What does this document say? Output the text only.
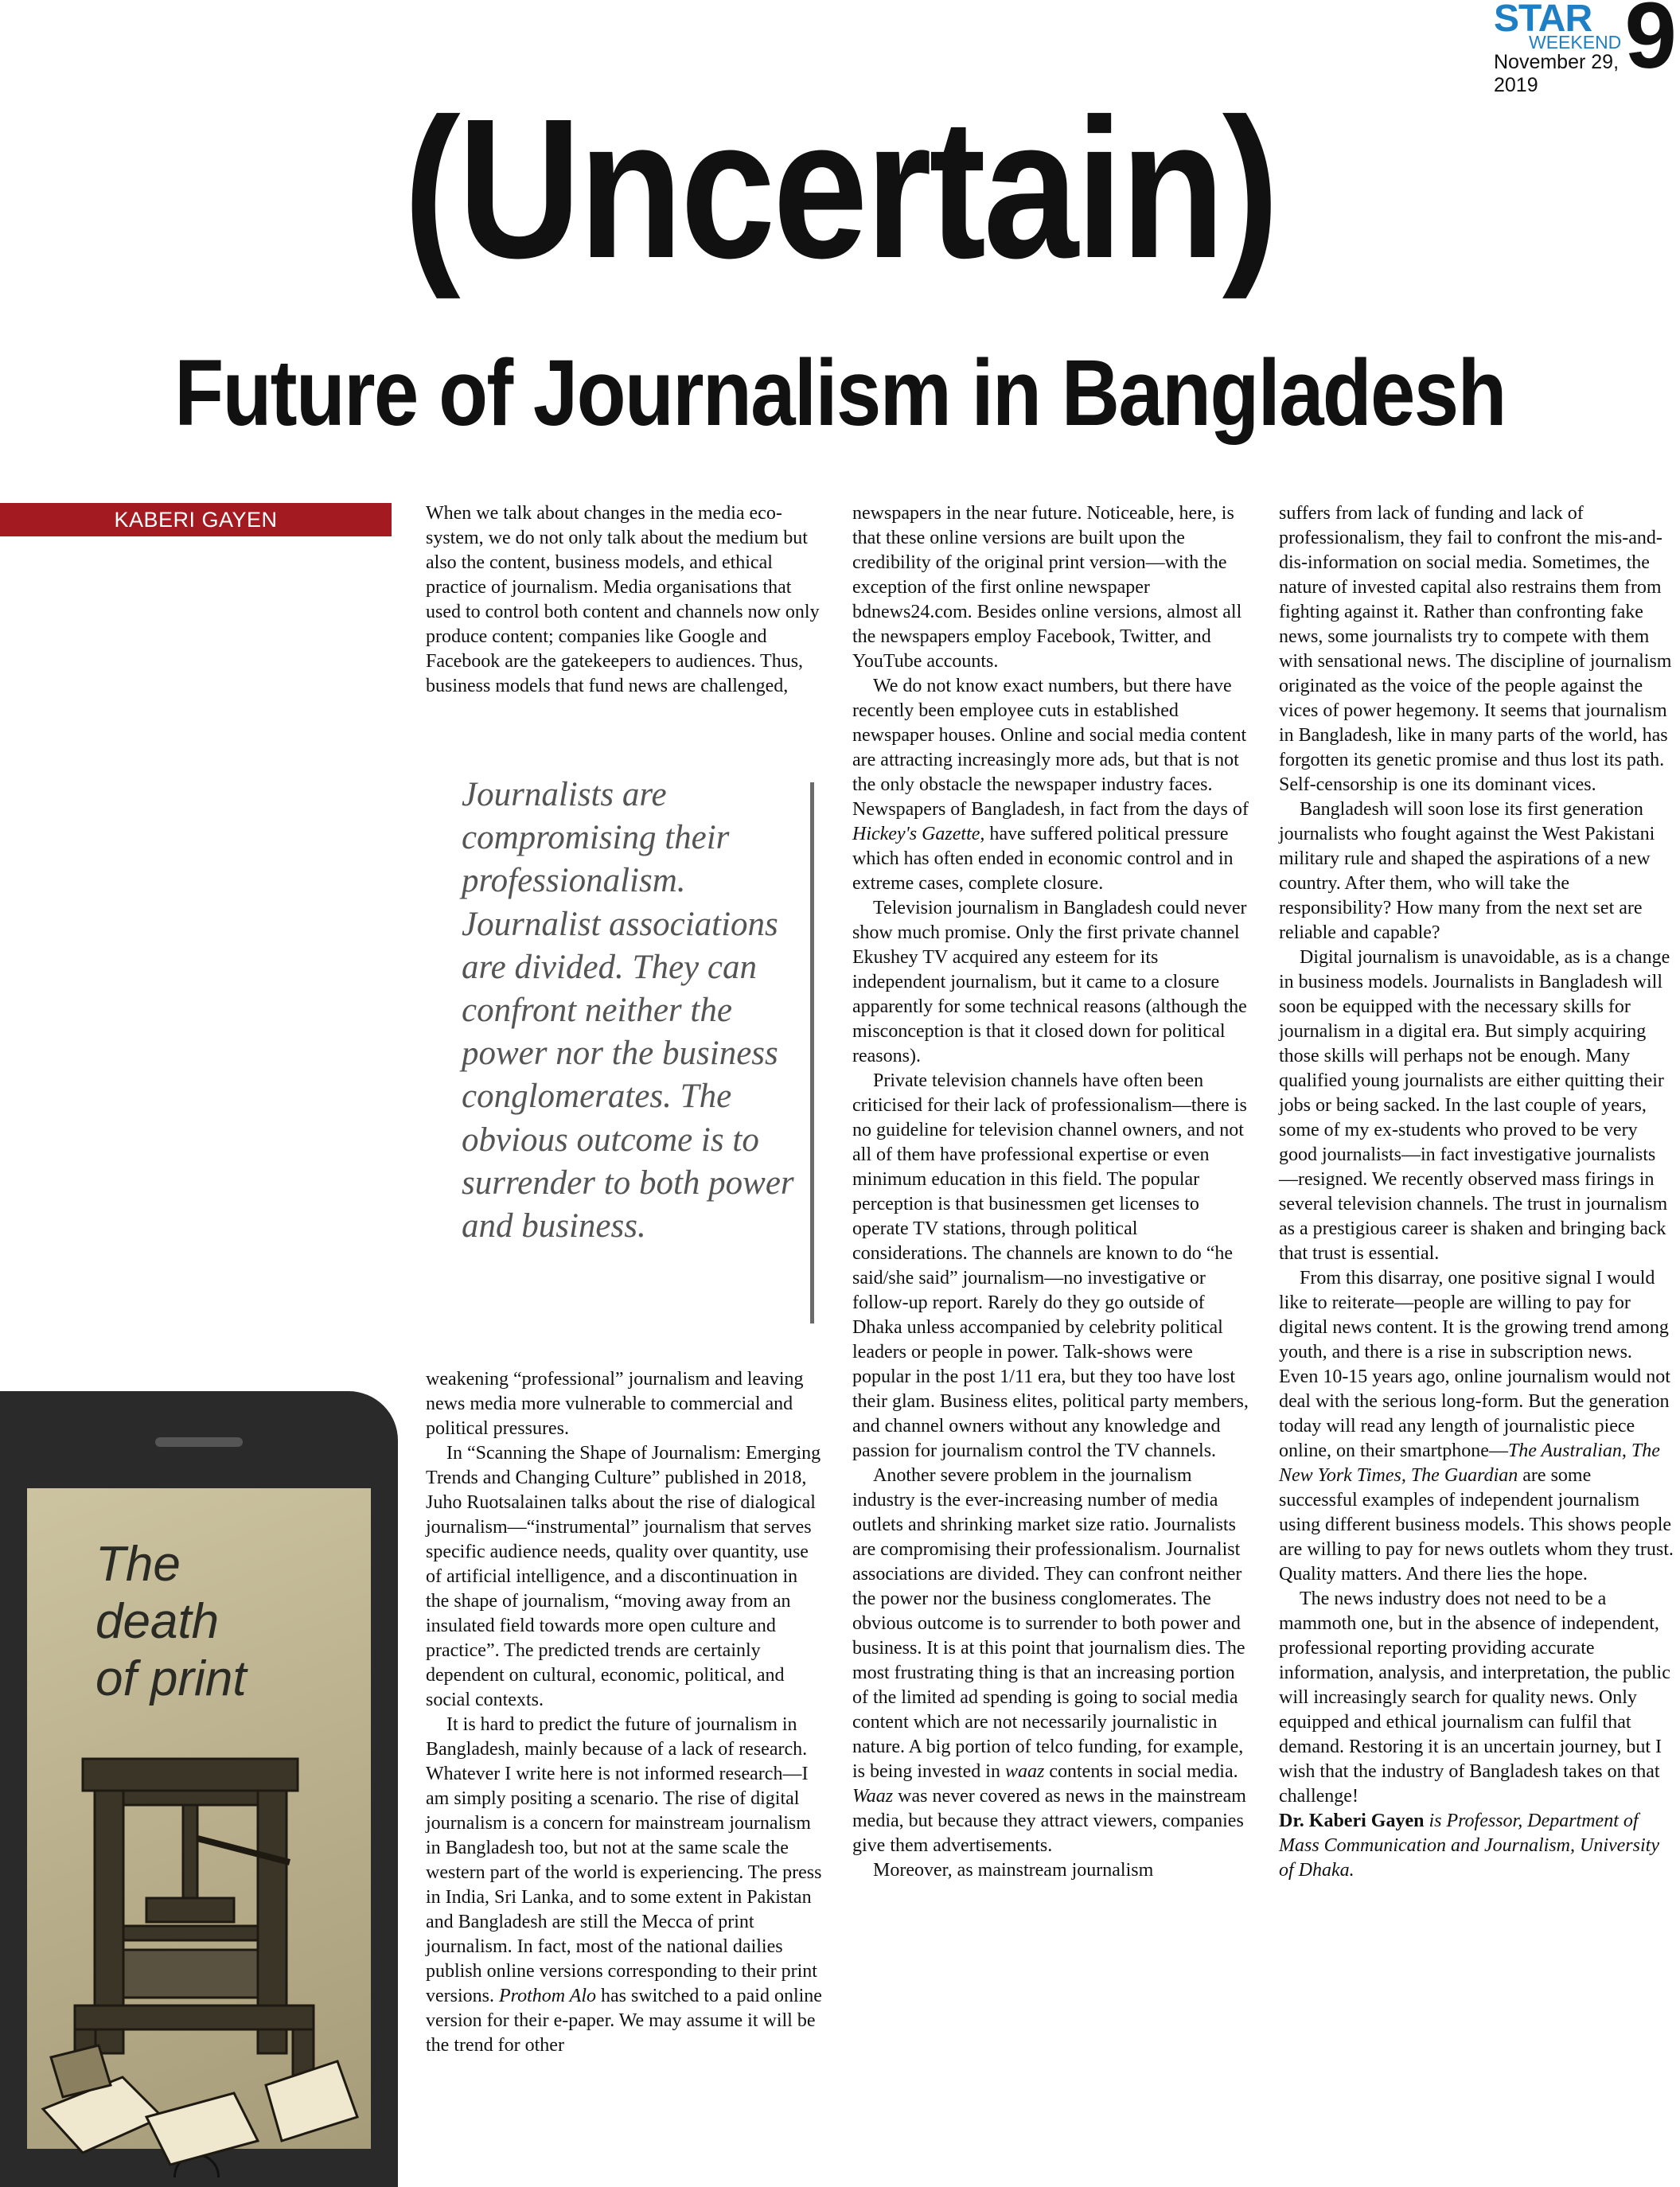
STAR
WEEKEND 9
November 29, 2019
(Uncertain)
Future of Journalism in Bangladesh
KABERI GAYEN	When we talk about changes in the media eco-system, we do not only talk about the medium but also the content, business models, and ethical practice of journalism. Media organisations that used to control both content and channels now only produce content; companies like Google and Facebook are the gatekeepers to audiences. Thus, business models that fund news are challenged,

Journalists are compromising their professionalism. Journalist associations are divided. They can confront neither the power nor the business conglomerates. The obvious outcome is to surrender to both power and business.

weakening “professional” journalism and leaving news media more vulnerable to commercial and political pressures.

In “Scanning the Shape of Journalism: Emerging Trends and Changing Culture” published in 2018, Juho Ruotsalainen talks about the rise of dialogical journalism—“instrumental” journalism that serves specific audience needs, quality over quantity, use of artificial intelligence, and a discontinuation in the shape of journalism, “moving away from an insulated field towards more open culture and practice”. The predicted trends are certainly dependent on cultural, economic, political, and social contexts.

It is hard to predict the future of journalism in Bangladesh, mainly because of a lack of research. Whatever I write here is not informed research—I am simply positing a scenario. The rise of digital journalism is a concern for mainstream journalism in Bangladesh too, but not at the same scale the western part of the world is experiencing. The press in India, Sri Lanka, and to some extent in Pakistan and Bangladesh are still the Mecca of print journalism. In fact, most of the national dailies publish online versions corresponding to their print versions. Prothom Alo has switched to a paid online version for their e-paper. We may assume it will be the trend for other

newspapers in the near future. Noticeable, here, is that these online versions are built upon the credibility of the original print version—with the exception of the first online newspaper bdnews24.com. Besides online versions, almost all the newspapers employ Facebook, Twitter, and YouTube accounts.

We do not know exact numbers, but there have recently been employee cuts in established newspaper houses. Online and social media content are attracting increasingly more ads, but that is not the only obstacle the newspaper industry faces. Newspapers of Bangladesh, in fact from the days of Hickey's Gazette, have suffered political pressure which has often ended in economic control and in extreme cases, complete closure.

Television journalism in Bangladesh could never show much promise. Only the first private channel Ekushey TV acquired any esteem for its independent journalism, but it came to a closure apparently for some technical reasons (although the misconception is that it closed down for political reasons).

Private television channels have often been criticised for their lack of professionalism—there is no guideline for television channel owners, and not all of them have professional expertise or even minimum education in this field. The popular perception is that businessmen get licenses to operate TV stations, through political considerations. The channels are known to do “he said/she said” journalism—no investigative or follow-up report. Rarely do they go outside of Dhaka unless accompanied by celebrity political leaders or people in power. Talk-shows were popular in the post 1/11 era, but they too have lost their glam. Business elites, political party members, and channel owners without any knowledge and passion for journalism control the TV channels.

Another severe problem in the journalism industry is the ever-increasing number of media outlets and shrinking market size ratio. Journalists are compromising their professionalism. Journalist associations are divided. They can confront neither the power nor the business conglomerates. The obvious outcome is to surrender to both power and business. It is at this point that journalism dies. The most frustrating thing is that an increasing portion of the limited ad spending is going to social media content which are not necessarily journalistic in nature. A big portion of telco funding, for example, is being invested in waaz contents in social media. Waaz was never covered as news in the mainstream media, but because they attract viewers, companies give them advertisements.

Moreover, as mainstream journalism

suffers from lack of funding and lack of professionalism, they fail to confront the mis-and-dis-information on social media. Sometimes, the nature of invested capital also restrains them from fighting against it. Rather than confronting fake news, some journalists try to compete with them with sensational news. The discipline of journalism originated as the voice of the people against the vices of power hegemony. It seems that journalism in Bangladesh, like in many parts of the world, has forgotten its genetic promise and thus lost its path. Self-censorship is one its dominant vices.

Bangladesh will soon lose its first generation journalists who fought against the West Pakistani military rule and shaped the aspirations of a new country. After them, who will take the responsibility? How many from the next set are reliable and capable?

Digital journalism is unavoidable, as is a change in business models. Journalists in Bangladesh will soon be equipped with the necessary skills for journalism in a digital era. But simply acquiring those skills will perhaps not be enough. Many qualified young journalists are either quitting their jobs or being sacked. In the last couple of years, some of my ex-students who proved to be very good journalists—in fact investigative journalists—resigned. We recently observed mass firings in several television channels. The trust in journalism as a prestigious career is shaken and bringing back that trust is essential.

From this disarray, one positive signal I would like to reiterate—people are willing to pay for digital news content. It is the growing trend among youth, and there is a rise in subscription news. Even 10-15 years ago, online journalism would not deal with the serious long-form. But the generation today will read any length of journalistic piece online, on their smartphone—The Australian, The New York Times, The Guardian are some successful examples of independent journalism using different business models. This shows people are willing to pay for news outlets whom they trust. Quality matters. And there lies the hope.

The news industry does not need to be a mammoth one, but in the absence of independent, professional reporting providing accurate information, analysis, and interpretation, the public will increasingly search for quality news. Only equipped and ethical journalism can fulfil that demand. Restoring it is an uncertain journey, but I wish that the industry of Bangladesh takes on that challenge!

Dr. Kaberi Gayen is Professor, Department of Mass Communication and Journalism, University of Dhaka.

The
death
of print
